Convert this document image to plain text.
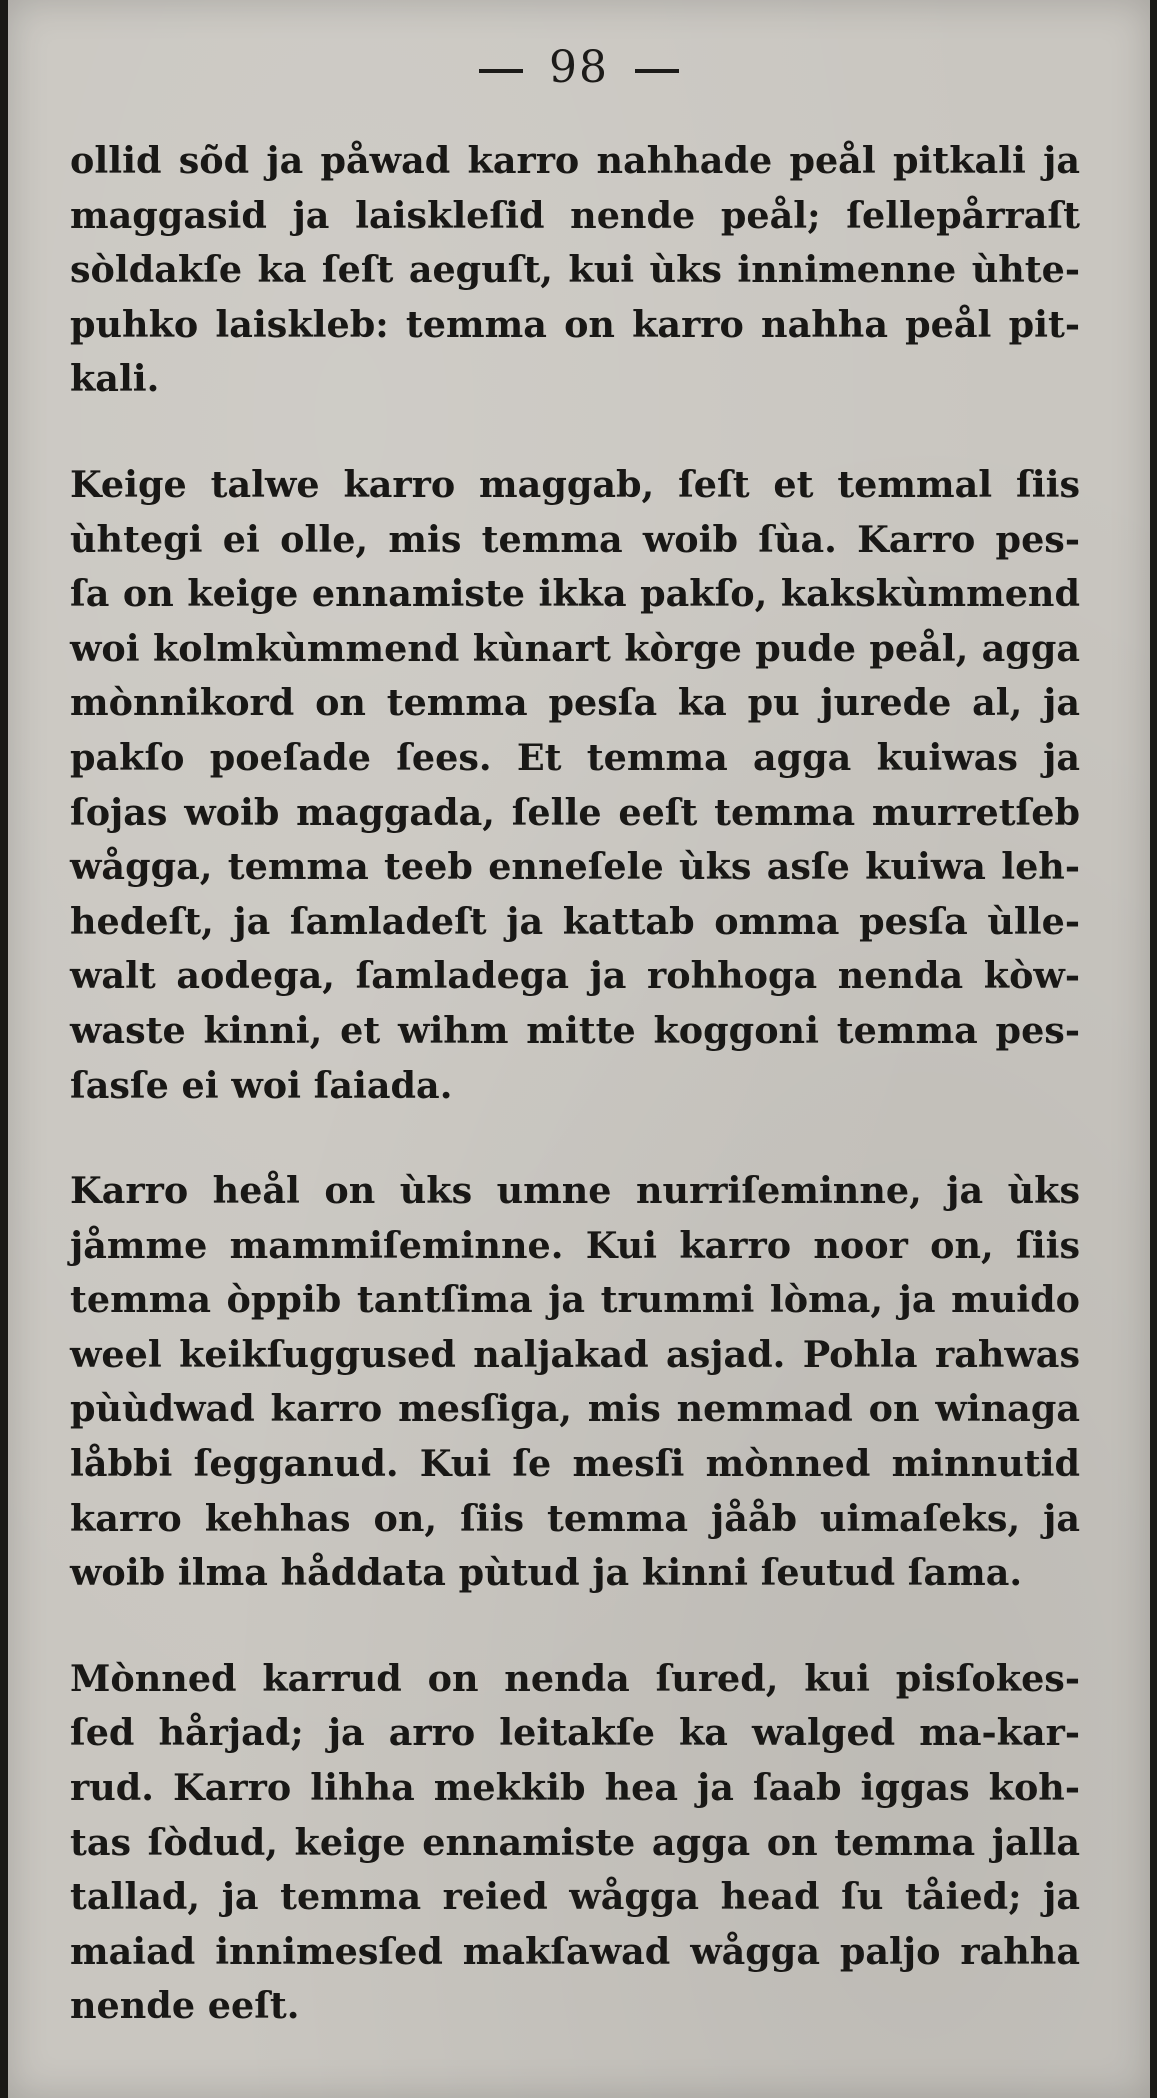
98
ollid sõd ja påwad karro nahhade peål pitkali ja
maggasid ja laiskleſid nende peål; ſellepårraſt
sòldakſe ka ſeſt aeguſt, kui ùks innimenne ùhte-
puhko laiskleb: temma on karro nahha peål pit-
kali.
Keige talwe karro maggab, ſeſt et temmal ſiis
ùhtegi ei olle, mis temma woib ſùa. Karro pes-
ſa on keige ennamiste ikka pakſo, kakskùmmend
woi kolmkùmmend kùnart kòrge pude peål, agga
mònnikord on temma pesſa ka pu jurede al, ja
pakſo poeſade ſees. Et temma agga kuiwas ja
ſojas woib maggada, ſelle eeſt temma murretſeb
wågga, temma teeb enneſele ùks asſe kuiwa leh-
hedeſt, ja ſamladeſt ja kattab omma pesſa ùlle-
walt aodega, ſamladega ja rohhoga nenda kòw-
waste kinni, et wihm mitte koggoni temma pes-
ſasſe ei woi ſaiada.
Karro heål on ùks umne nurriſeminne, ja ùks
jåmme mammiſeminne. Kui karro noor on, ſiis
temma òppib tantſima ja trummi lòma, ja muido
weel keikſuggused naljakad asjad. Pohla rahwas
pùùdwad karro mesſiga, mis nemmad on winaga
låbbi ſegganud. Kui ſe mesſi mònned minnutid
karro kehhas on, ſiis temma jååb uimaſeks, ja
woib ilma håddata pùtud ja kinni ſeutud ſama.
Mònned karrud on nenda ſured, kui pisſokes-
ſed hårjad; ja arro leitakſe ka walged ma-kar-
rud. Karro lihha mekkib hea ja ſaab iggas koh-
tas ſòdud, keige ennamiste agga on temma jalla
tallad, ja temma reied wågga head ſu tåied; ja
maiad innimesſed makſawad wågga paljo rahha
nende eeſt.
